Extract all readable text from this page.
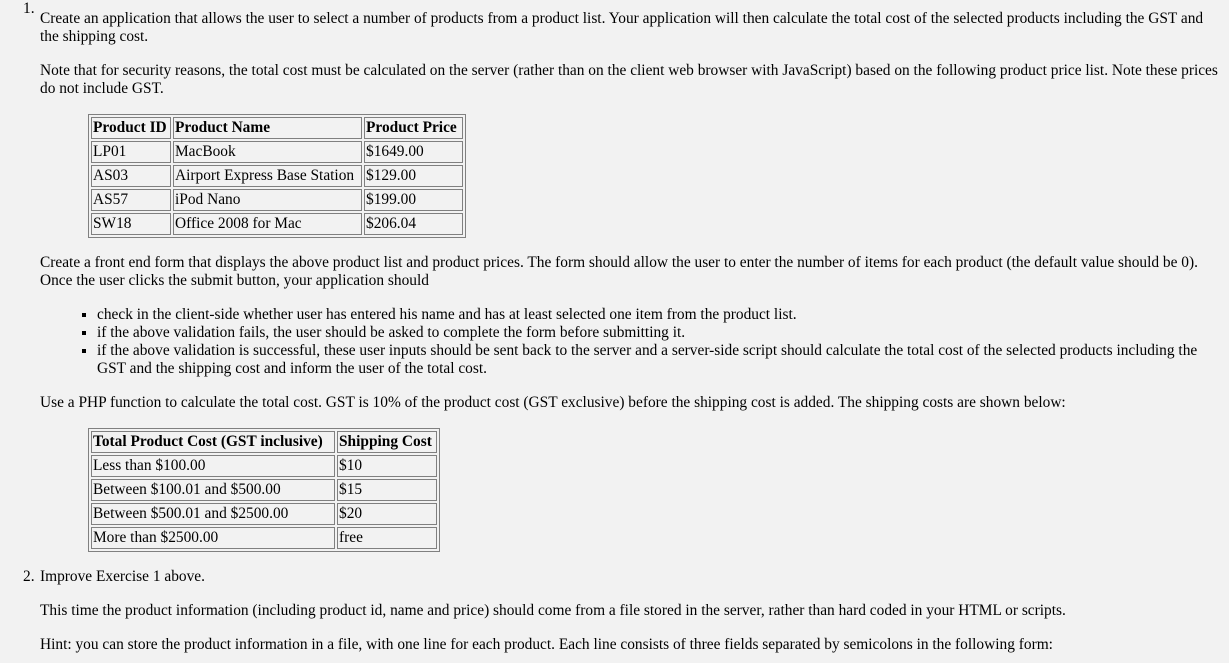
1.

Create an application that allows the user to select a number of products from a product list. Your application will then calculate the total cost of the selected products including the GST and the shipping cost.

Note that for security reasons, the total cost must be calculated on the server (rather than on the client web browser with JavaScript) based on the following product price list. Note these prices do not include GST.

Product ID	Product Name	Product Price
LP01	MacBook	$1649.00
AS03	Airport Express Base Station	$129.00
AS57	iPod Nano	$199.00
SW18	Office 2008 for Mac	$206.04

Create a front end form that displays the above product list and product prices. The form should allow the user to enter the number of items for each product (the default value should be 0). Once the user clicks the submit button, your application should

▪ check in the client-side whether user has entered his name and has at least selected one item from the product list.
▪ if the above validation fails, the user should be asked to complete the form before submitting it.
▪ if the above validation is successful, these user inputs should be sent back to the server and a server-side script should calculate the total cost of the selected products including the GST and the shipping cost and inform the user of the total cost.

Use a PHP function to calculate the total cost. GST is 10% of the product cost (GST exclusive) before the shipping cost is added. The shipping costs are shown below:

Total Product Cost (GST inclusive)	Shipping Cost
Less than $100.00	$10
Between $100.01 and $500.00	$15
Between $500.01 and $2500.00	$20
More than $2500.00	free
2. Improve Exercise 1 above.

This time the product information (including product id, name and price) should come from a file stored in the server, rather than hard coded in your HTML or scripts.

Hint: you can store the product information in a file, with one line for each product. Each line consists of three fields separated by semicolons in the following form:
